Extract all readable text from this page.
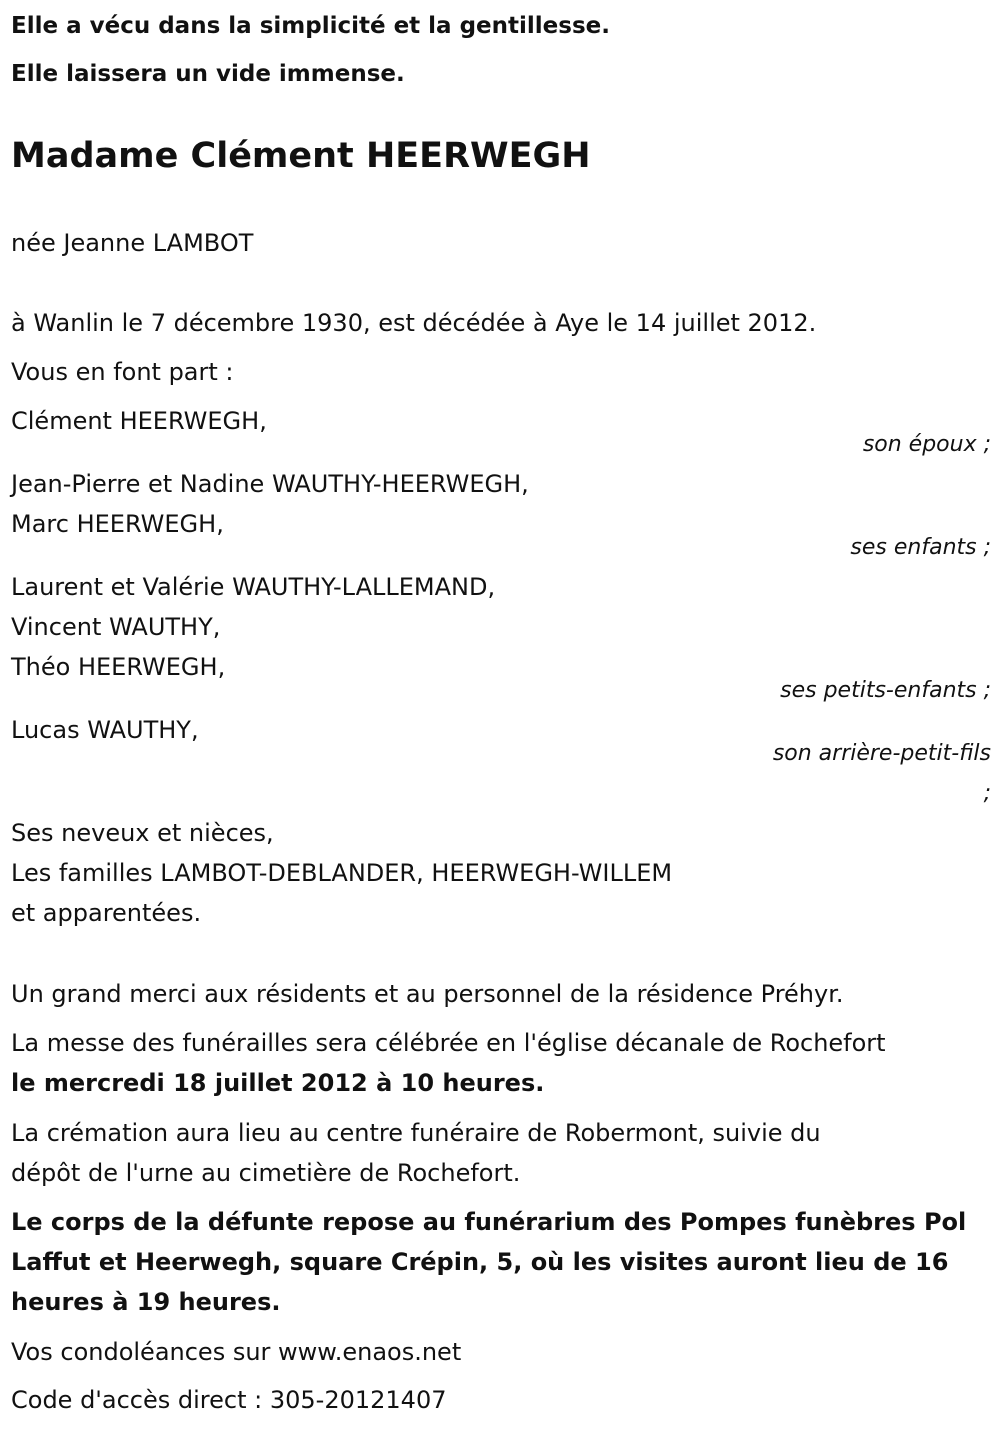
Elle a vécu dans la simplicité et la gentillesse.
Elle laissera un vide immense.
Madame Clément HEERWEGH
née Jeanne LAMBOT
à Wanlin le 7 décembre 1930, est décédée à Aye le 14 juillet 2012.
Vous en font part :
Clément HEERWEGH,
son époux ;
Jean-Pierre et Nadine WAUTHY-HEERWEGH,
Marc HEERWEGH,
ses enfants ;
Laurent et Valérie WAUTHY-LALLEMAND,
Vincent WAUTHY,
Théo HEERWEGH,
ses petits-enfants ;
Lucas WAUTHY,
son arrière-petit-fils
;
Ses neveux et nièces,
Les familles LAMBOT-DEBLANDER, HEERWEGH-WILLEM
et apparentées.
Un grand merci aux résidents et au personnel de la résidence Préhyr.
La messe des funérailles sera célébrée en l'église décanale de Rochefort
le mercredi 18 juillet 2012 à 10 heures.
La crémation aura lieu au centre funéraire de Robermont, suivie du
dépôt de l'urne au cimetière de Rochefort.
Le corps de la défunte repose au funérarium des Pompes funèbres Pol
Laffut et Heerwegh, square Crépin, 5, où les visites auront lieu de 16
heures à 19 heures.
Vos condoléances sur www.enaos.net
Code d'accès direct : 305-20121407
